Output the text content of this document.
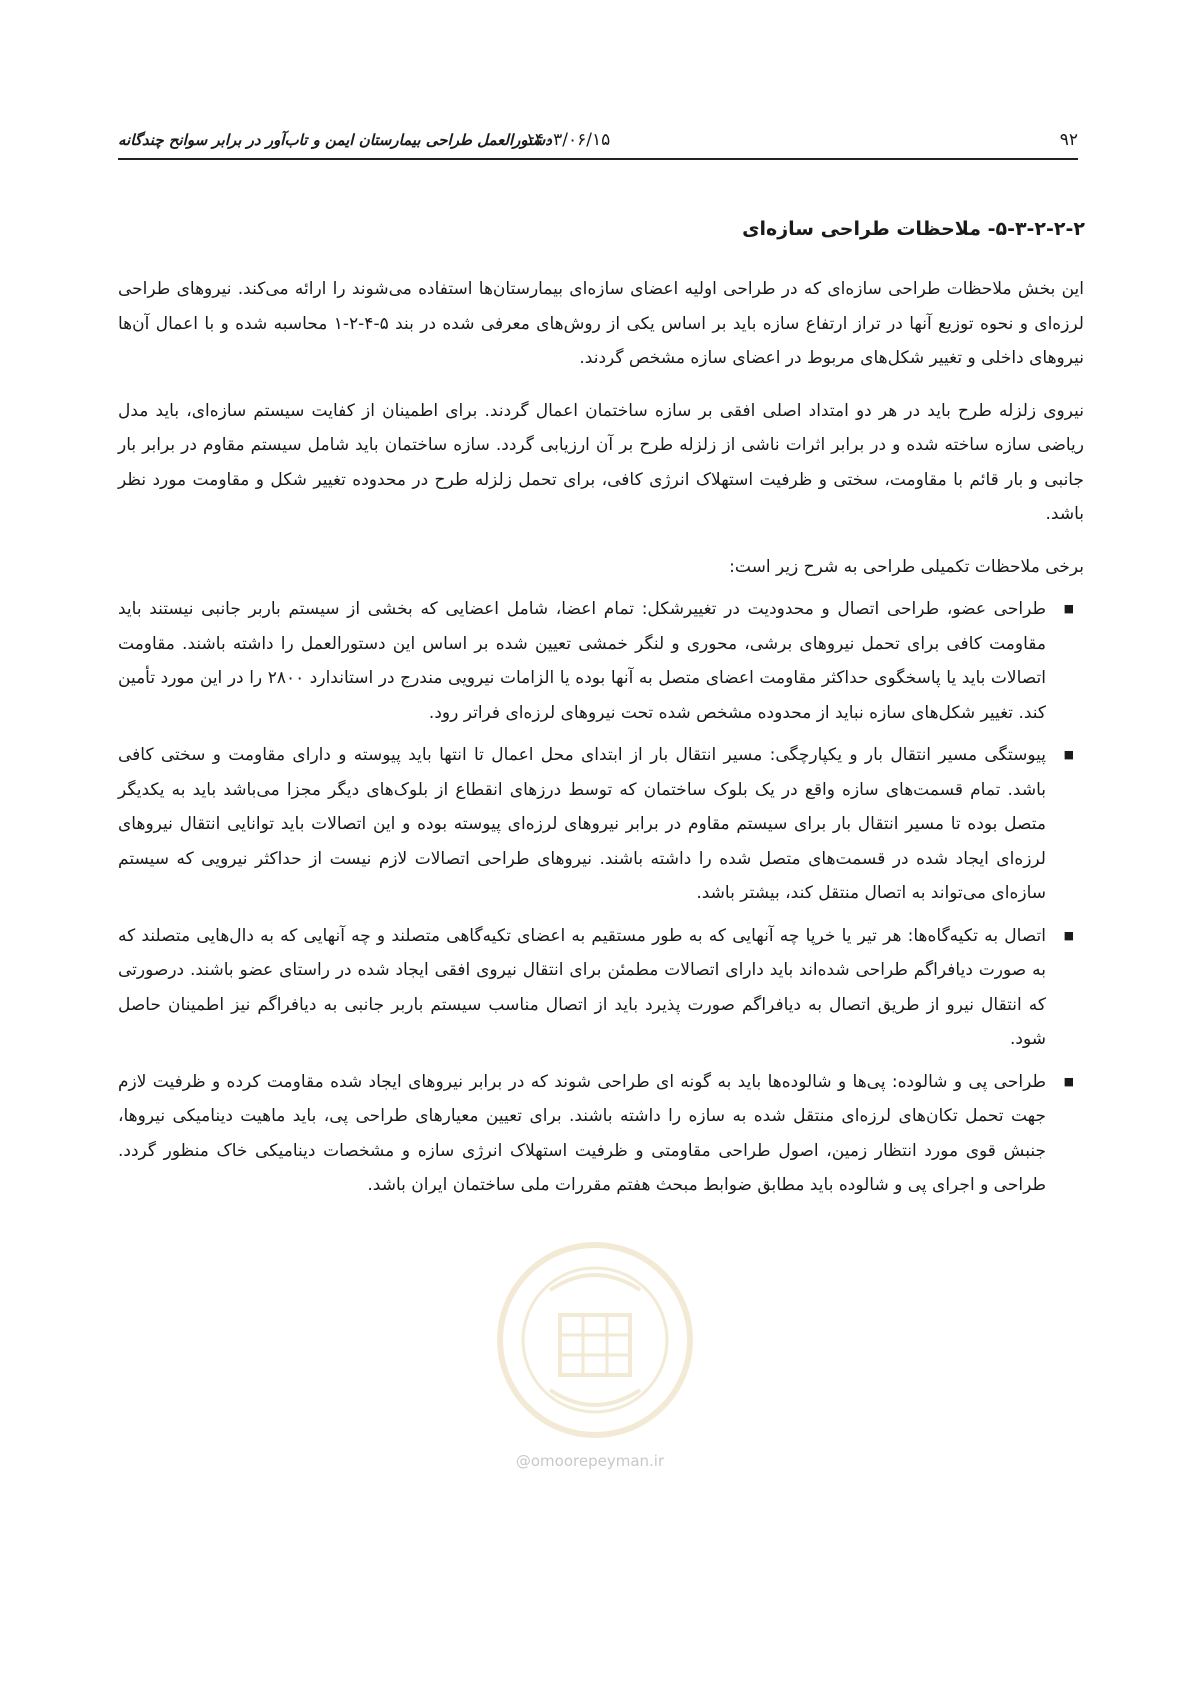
۹۲
۱۴۰۳/۰۶/۱۵
دستورالعمل طراحی بیمارستان ایمن و تاب‌آور در برابر سوانح چندگانه
۵-۳-۲-۲-۲- ملاحظات طراحی سازه‌ای

این بخش ملاحظات طراحی سازه‌ای که در طراحی اولیه اعضای سازه‌ای بیمارستان‌ها استفاده می‌شوند را ارائه می‌کند. نیروهای طراحی لرزه‌ای و نحوه توزیع آنها در تراز ارتفاع سازه باید بر اساس یکی از روش‌های معرفی شده در بند ۵-۴-۲-۱ محاسبه شده و با اعمال آن‌ها نیروهای داخلی و تغییر شکل‌های مربوط در اعضای سازه مشخص گردند.

نیروی زلزله طرح باید در هر دو امتداد اصلی افقی بر سازه ساختمان اعمال گردند. برای اطمینان از کفایت سیستم سازه‌ای، باید مدل ریاضی سازه ساخته شده و در برابر اثرات ناشی از زلزله طرح بر آن ارزیابی گردد. سازه ساختمان باید شامل سیستم مقاوم در برابر بار جانبی و بار قائم با مقاومت، سختی و ظرفیت استهلاک انرژی کافی، برای تحمل زلزله طرح در محدوده تغییر شکل و مقاومت مورد نظر باشد.

برخی ملاحظات تکمیلی طراحی به شرح زیر است:

■
طراحی عضو، طراحی اتصال و محدودیت در تغییرشکل: تمام اعضا، شامل اعضایی که بخشی از سیستم باربر جانبی نیستند باید مقاومت کافی برای تحمل نیروهای برشی، محوری و لنگر خمشی تعیین شده بر اساس این دستورالعمل را داشته باشند. مقاومت اتصالات باید یا پاسخگوی حداکثر مقاومت اعضای متصل به آنها بوده یا الزامات نیرویی مندرج در استاندارد ۲۸۰۰ را در این مورد تأمین کند. تغییر شکل‌های سازه نباید از محدوده مشخص شده تحت نیروهای لرزه‌ای فراتر رود.
■
پیوستگی مسیر انتقال بار و یکپارچگی: مسیر انتقال بار از ابتدای محل اعمال تا انتها باید پیوسته و دارای مقاومت و سختی کافی باشد. تمام قسمت‌های سازه واقع در یک بلوک ساختمان که توسط درزهای انقطاع از بلوک‌های دیگر مجزا می‌باشد باید به یکدیگر متصل بوده تا مسیر انتقال بار برای سیستم مقاوم در برابر نیروهای لرزه‌ای پیوسته بوده و این اتصالات باید توانایی انتقال نیروهای لرزه‌ای ایجاد شده در قسمت‌های متصل شده را داشته باشند. نیروهای طراحی اتصالات لازم نیست از حداکثر نیرویی که سیستم سازه‌ای می‌تواند به اتصال منتقل کند، بیشتر باشد.
■
اتصال به تکیه‌گاه‌ها: هر تیر یا خرپا چه آنهایی که به طور مستقیم به اعضای تکیه‌گاهی متصلند و چه آنهایی که به دال‌هایی متصلند که به صورت دیافراگم طراحی شده‌اند باید دارای اتصالات مطمئن برای انتقال نیروی افقی ایجاد شده در راستای عضو باشند. درصورتی که انتقال نیرو از طریق اتصال به دیافراگم صورت پذیرد باید از اتصال مناسب سیستم باربر جانبی به دیافراگم نیز اطمینان حاصل شود.
■
طراحی پی و شالوده: پی‌ها و شالوده‌ها باید به گونه ای طراحی شوند که در برابر نیروهای ایجاد شده مقاومت کرده و ظرفیت لازم جهت تحمل تکان‌های لرزه‌ای منتقل شده به سازه را داشته باشند. برای تعیین معیارهای طراحی پی، باید ماهیت دینامیکی نیروها، جنبش قوی مورد انتظار زمین، اصول طراحی مقاومتی و ظرفیت استهلاک انرژی سازه و مشخصات دینامیکی خاک منظور گردد. طراحی و اجرای پی و شالوده باید مطابق ضوابط مبحث هفتم مقررات ملی ساختمان ایران باشد.
@omoorepeyman.ir
